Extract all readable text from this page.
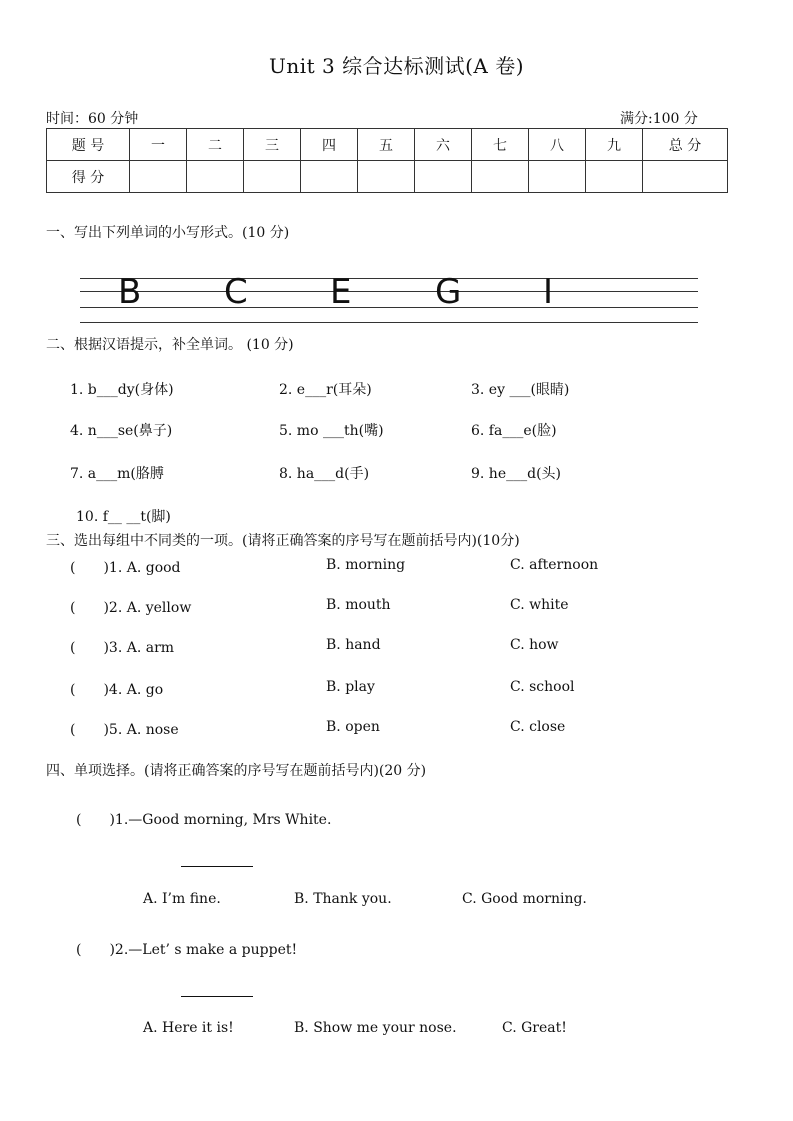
Unit 3 综合达标测试(A 卷)
时间：60 分钟	满分:100 分
题 号	一	二	三	四	五	六	七	八	九	总 分
得 分										
一、写出下列单词的小写形式。(10 分)
B C E G I
二、根据汉语提示，补全单词。 (10 分)
1. b___dy(身体)	2. e___r(耳朵)	3. ey ___(眼睛)
4. n___se(鼻子)	5. mo ___th(嘴)	6. fa___e(脸)
7. a___m(胳膊	8. ha___d(手)	9. he___d(头)
10. f__ __t(脚)
三、选出每组中不同类的一项。(请将正确答案的序号写在题前括号内)(10分)
(　　)1. A. good	B. morning	C. afternoon
(　　)2. A. yellow	B. mouth	C. white
(　　)3. A. arm	B. hand	C. how
(　　)4. A. go	B. play	C. school
(　　)5. A. nose	B. open	C. close
四、单项选择。(请将正确答案的序号写在题前括号内)(20 分)
(　　)1.—Good morning, Mrs White.
A. I’m fine.	B. Thank you.	C. Good morning.
(　　)2.—Let’ s make a puppet!
A. Here it is!	B. Show me your nose.	C. Great!
